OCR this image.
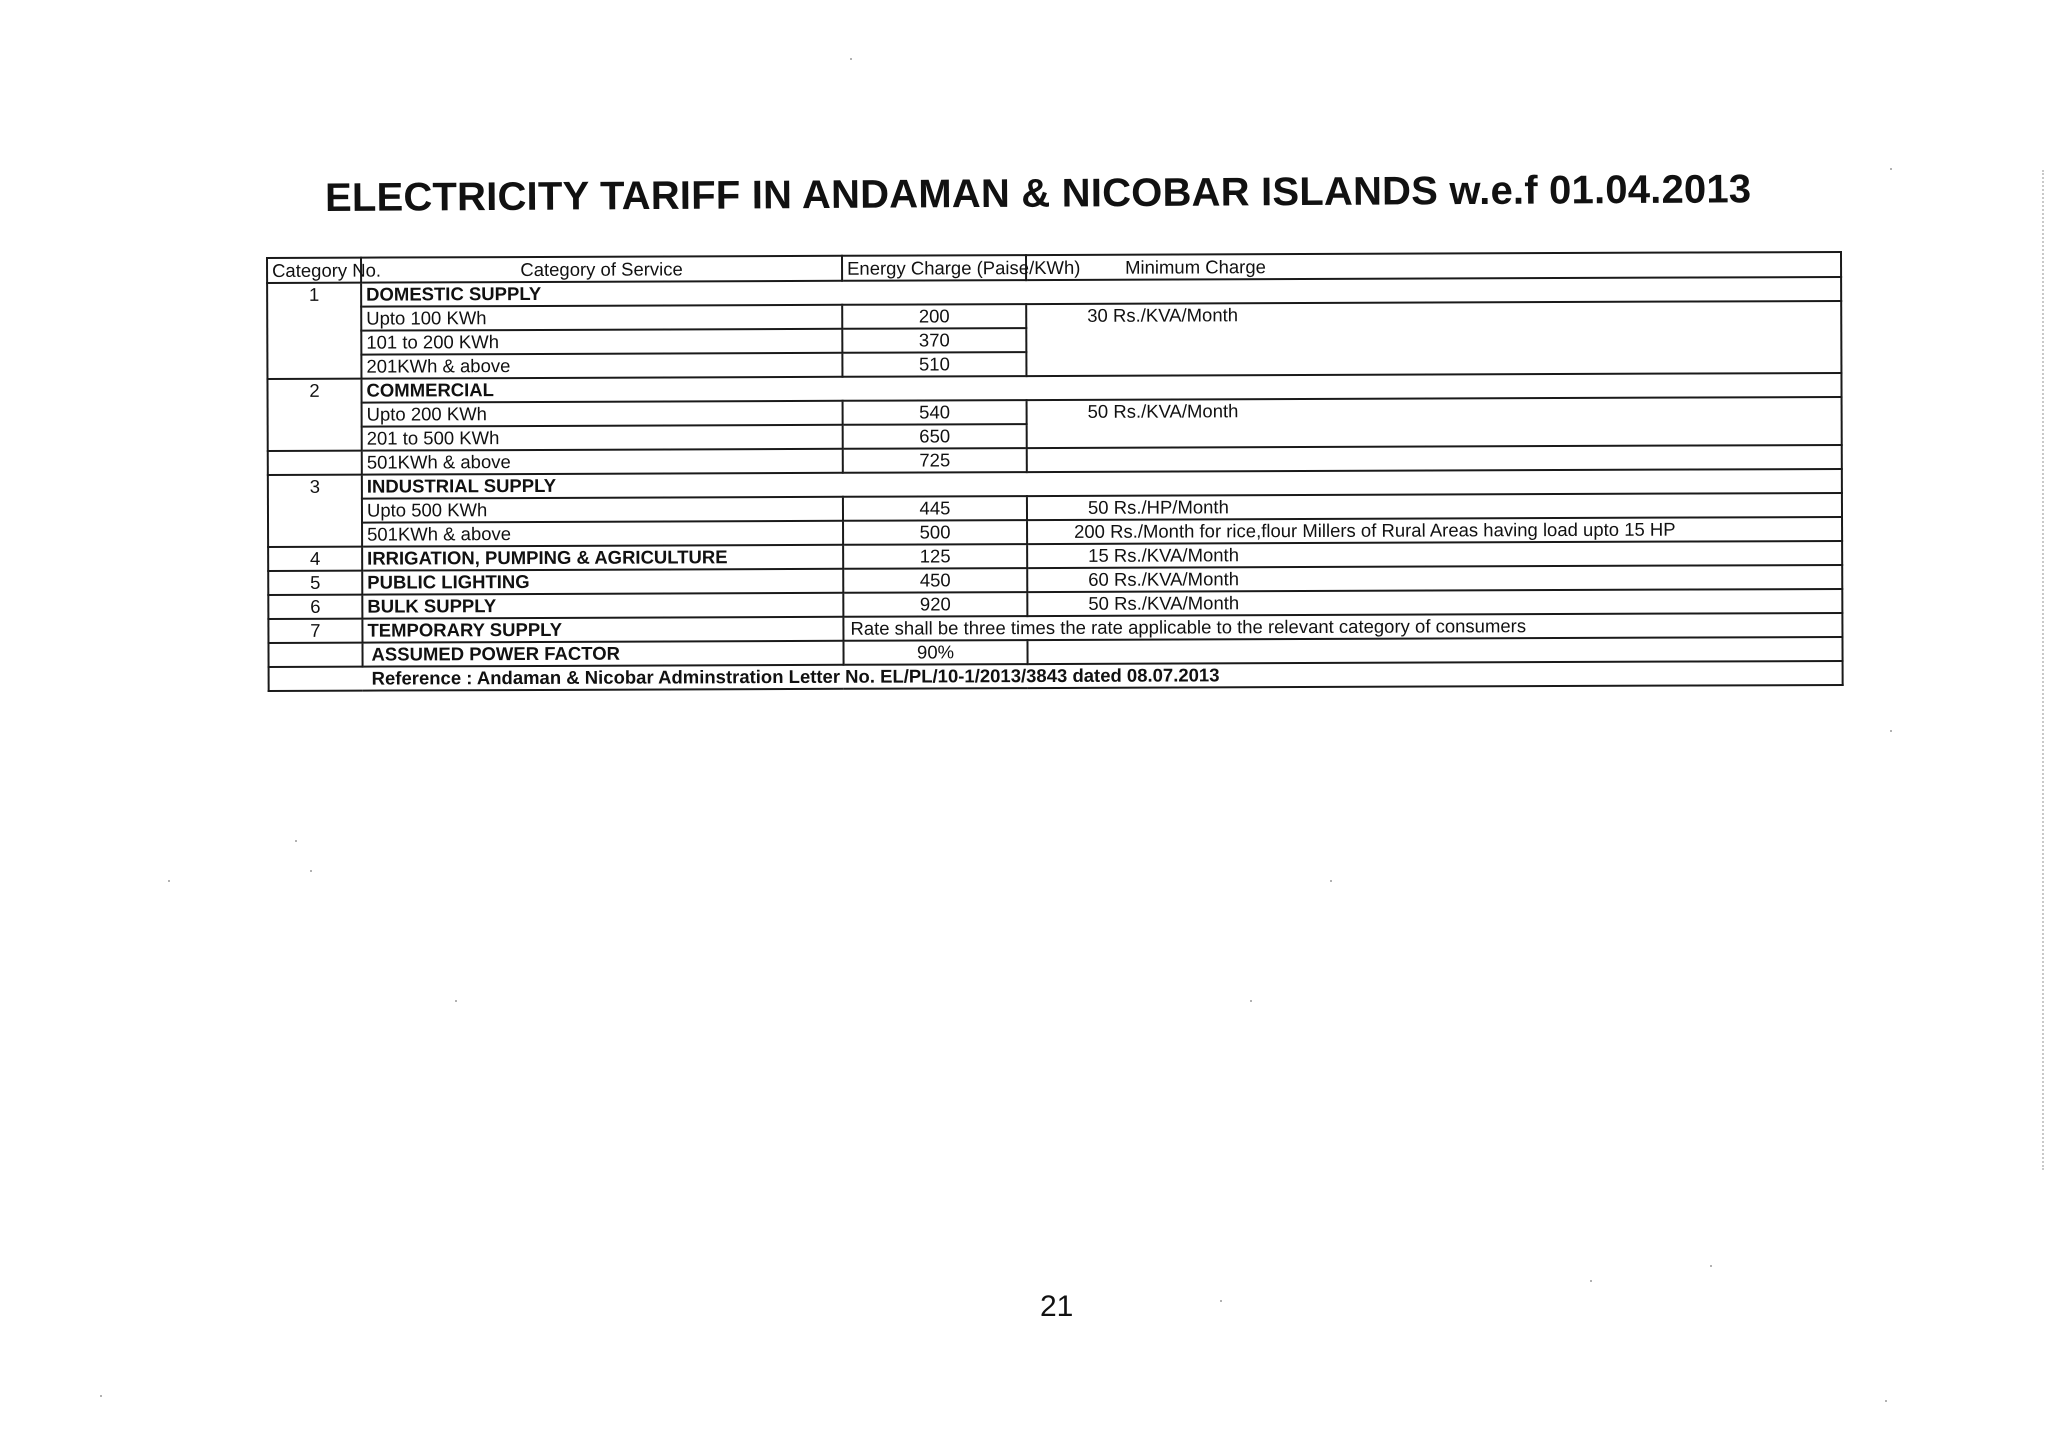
ELECTRICITY TARIFF IN ANDAMAN & NICOBAR ISLANDS w.e.f 01.04.2013
Category No.	Category of Service	Energy Charge (Paise/KWh)	Minimum Charge
1	DOMESTIC SUPPLY		
	Upto 100 KWh	200	30 Rs./KVA/Month
	101 to 200 KWh	370	
	201KWh & above	510	
2	COMMERCIAL		
	Upto 200 KWh	540	50 Rs./KVA/Month
	201 to 500 KWh	650	
	501KWh & above	725	
3	INDUSTRIAL SUPPLY		
	Upto 500 KWh	445	50 Rs./HP/Month
	501KWh & above	500	200 Rs./Month for rice,flour Millers of Rural Areas having load upto 15 HP
4	IRRIGATION, PUMPING & AGRICULTURE	125	15 Rs./KVA/Month
5	PUBLIC LIGHTING	450	60 Rs./KVA/Month
6	BULK SUPPLY	920	50 Rs./KVA/Month
7	TEMPORARY SUPPLY	Rate shall be three times the rate applicable to the relevant category of consumers	
	ASSUMED POWER FACTOR	90%	
Reference : Andaman & Nicobar Adminstration Letter No. EL/PL/10-1/2013/3843 dated 08.07.2013			
21
